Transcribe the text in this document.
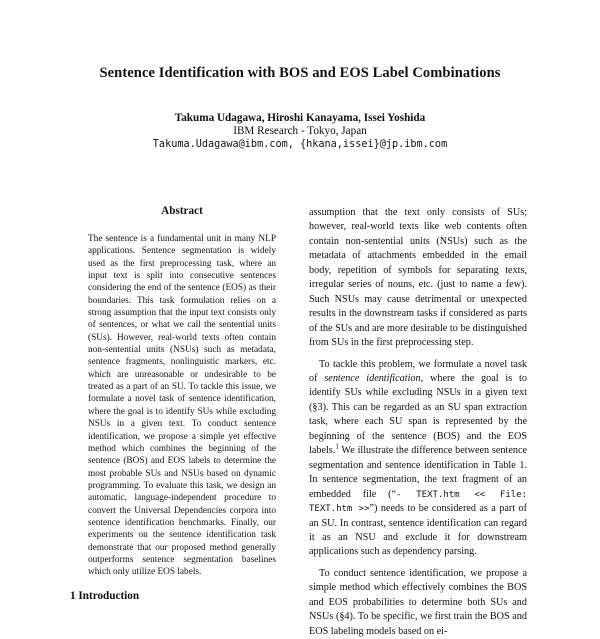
Sentence Identification with BOS and EOS Label Combinations
Takuma Udagawa, Hiroshi Kanayama, Issei Yoshida
IBM Research - Tokyo, Japan
Takuma.Udagawa@ibm.com, {hkana,issei}@jp.ibm.com
Abstract

The sentence is a fundamental unit in many NLP applications. Sentence segmentation is widely used as the first preprocessing task, where an input text is split into consecutive sentences considering the end of the sentence (EOS) as their boundaries. This task formulation relies on a strong assumption that the input text consists only of sentences, or what we call the sentential units (SUs). However, real-world texts often contain non-sentential units (NSUs) such as metadata, sentence fragments, nonlinguistic markers, etc. which are unreasonable or undesirable to be treated as a part of an SU. To tackle this issue, we formulate a novel task of sentence identification, where the goal is to identify SUs while excluding NSUs in a given text. To conduct sentence identification, we propose a simple yet effective method which combines the beginning of the sentence (BOS) and EOS labels to determine the most probable SUs and NSUs based on dynamic programming. To evaluate this task, we design an automatic, language-independent procedure to convert the Universal Dependencies corpora into sentence identification benchmarks. Finally, our experiments on the sentence identification task demonstrate that our proposed method generally outperforms sentence segmentation baselines which only utilize EOS labels.

1 Introduction

assumption that the text only consists of SUs; however, real-world texts like web contents often contain non-sentential units (NSUs) such as the metadata of attachments embedded in the email body, repetition of symbols for separating texts, irregular series of nouns, etc. (just to name a few). Such NSUs may cause detrimental or unexpected results in the downstream tasks if considered as parts of the SUs and are more desirable to be distinguished from SUs in the first preprocessing step.

To tackle this problem, we formulate a novel task of sentence identification, where the goal is to identify SUs while excluding NSUs in a given text (§3). This can be regarded as an SU span extraction task, where each SU span is represented by the beginning of the sentence (BOS) and the EOS labels.$^1$ We illustrate the difference between sentence segmentation and sentence identification in Table 1. In sentence segmentation, the text fragment of an embedded file (“- TEXT.htm << File: TEXT.htm >>”) needs to be considered as a part of an SU. In contrast, sentence identification can regard it as an NSU and exclude it for downstream applications such as dependency parsing.

To conduct sentence identification, we propose a simple method which effectively combines the BOS and EOS probabilities to determine both SUs and NSUs (§4). To be specific, we first train the BOS and EOS labeling models based on ei-
